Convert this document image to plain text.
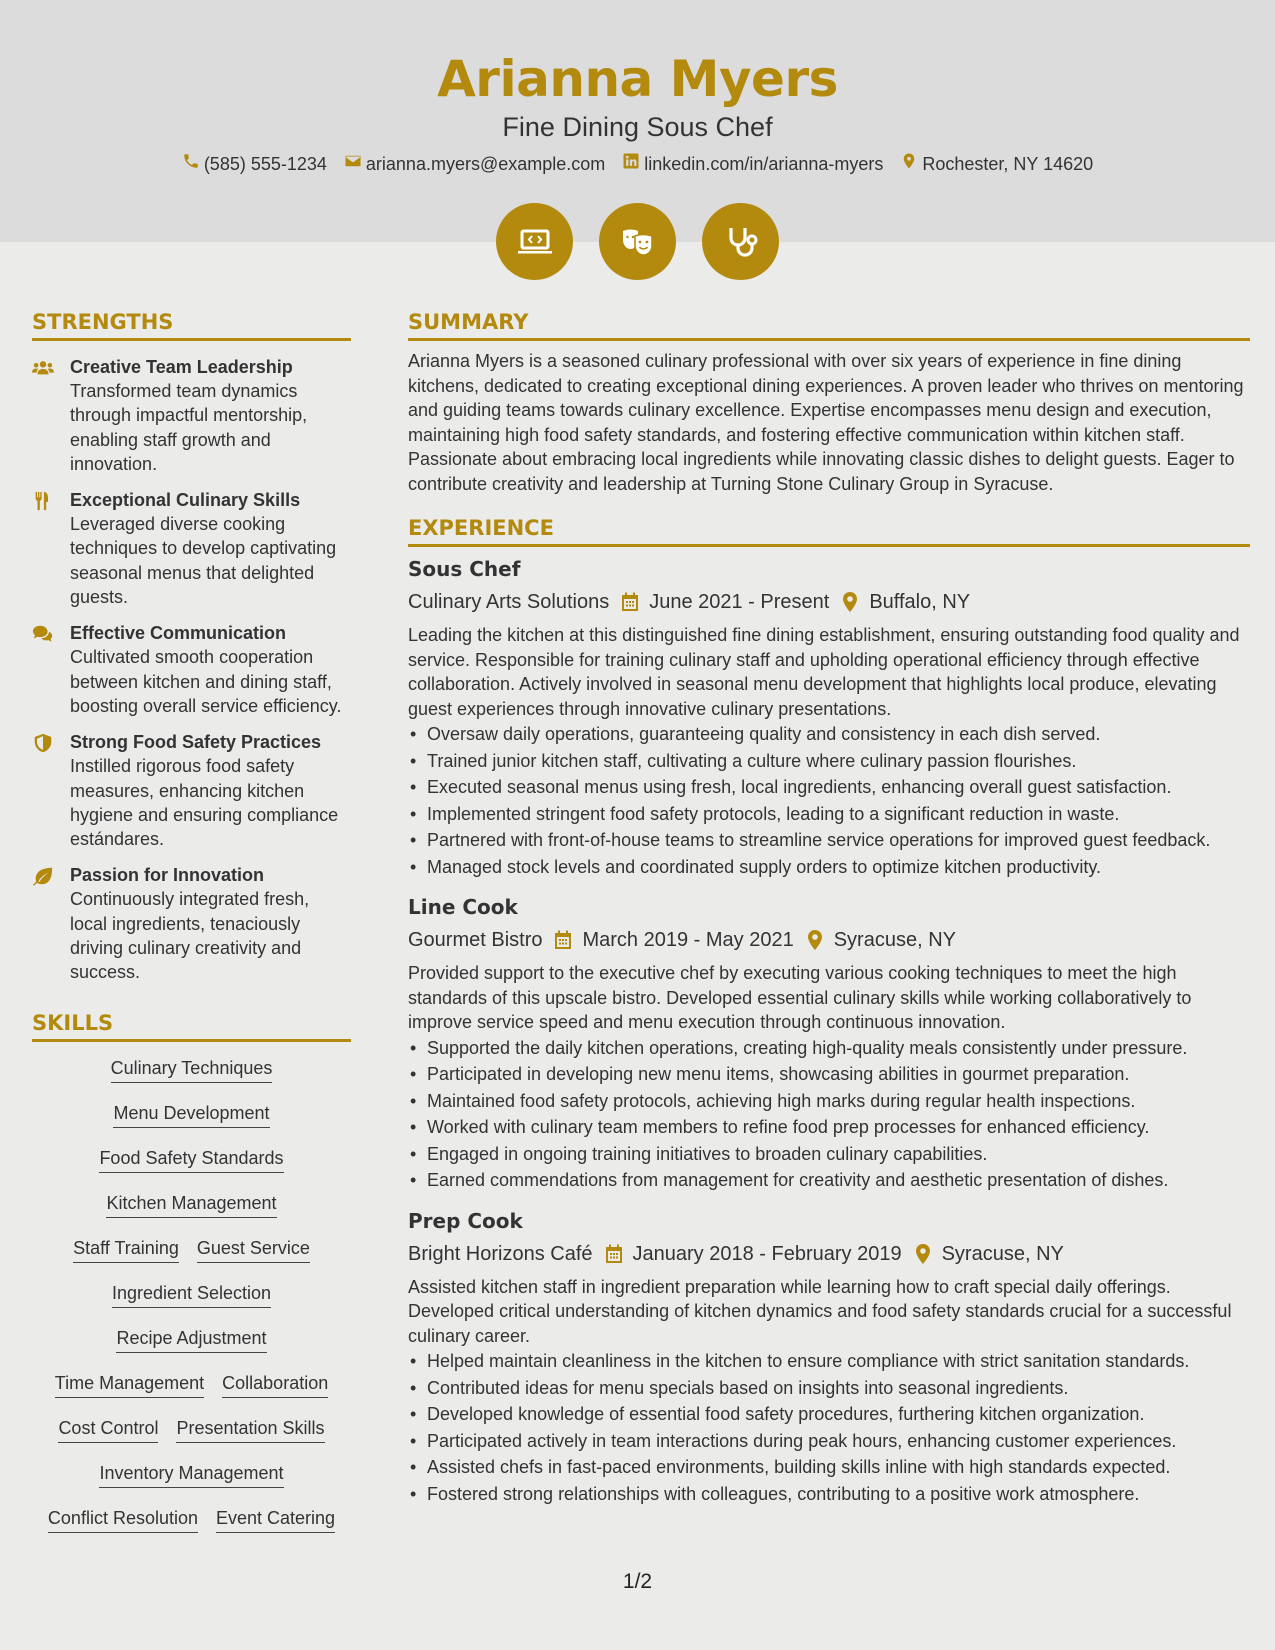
Arianna Myers
Fine Dining Sous Chef
(585) 555-1234 arianna.myers@example.com linkedin.com/in/arianna-myers Rochester, NY 14620
STRENGTHS
Creative Team Leadership
Transformed team dynamics through impactful mentorship, enabling staff growth and innovation.
Exceptional Culinary Skills
Leveraged diverse cooking techniques to develop captivating seasonal menus that delighted guests.
Effective Communication
Cultivated smooth cooperation between kitchen and dining staff, boosting overall service efficiency.
Strong Food Safety Practices
Instilled rigorous food safety measures, enhancing kitchen hygiene and ensuring compliance estándares.
Passion for Innovation
Continuously integrated fresh, local ingredients, tenaciously driving culinary creativity and success.
SKILLS
Culinary Techniques
Menu Development
Food Safety Standards
Kitchen Management
Staff Training Guest Service
Ingredient Selection
Recipe Adjustment
Time Management Collaboration
Cost Control Presentation Skills
Inventory Management
Conflict Resolution Event Catering
SUMMARY
Arianna Myers is a seasoned culinary professional with over six years of experience in fine dining kitchens, dedicated to creating exceptional dining experiences. A proven leader who thrives on mentoring and guiding teams towards culinary excellence. Expertise encompasses menu design and execution, maintaining high food safety standards, and fostering effective communication within kitchen staff. Passionate about embracing local ingredients while innovating classic dishes to delight guests. Eager to contribute creativity and leadership at Turning Stone Culinary Group in Syracuse.
EXPERIENCE
Sous Chef
Culinary Arts Solutions June 2021 - Present Buffalo, NY
Leading the kitchen at this distinguished fine dining establishment, ensuring outstanding food quality and service. Responsible for training culinary staff and upholding operational efficiency through effective collaboration. Actively involved in seasonal menu development that highlights local produce, elevating guest experiences through innovative culinary presentations.
• Oversaw daily operations, guaranteeing quality and consistency in each dish served.
• Trained junior kitchen staff, cultivating a culture where culinary passion flourishes.
• Executed seasonal menus using fresh, local ingredients, enhancing overall guest satisfaction.
• Implemented stringent food safety protocols, leading to a significant reduction in waste.
• Partnered with front-of-house teams to streamline service operations for improved guest feedback.
• Managed stock levels and coordinated supply orders to optimize kitchen productivity.
Line Cook
Gourmet Bistro March 2019 - May 2021 Syracuse, NY
Provided support to the executive chef by executing various cooking techniques to meet the high standards of this upscale bistro. Developed essential culinary skills while working collaboratively to improve service speed and menu execution through continuous innovation.
• Supported the daily kitchen operations, creating high-quality meals consistently under pressure.
• Participated in developing new menu items, showcasing abilities in gourmet preparation.
• Maintained food safety protocols, achieving high marks during regular health inspections.
• Worked with culinary team members to refine food prep processes for enhanced efficiency.
• Engaged in ongoing training initiatives to broaden culinary capabilities.
• Earned commendations from management for creativity and aesthetic presentation of dishes.
Prep Cook
Bright Horizons Café January 2018 - February 2019 Syracuse, NY
Assisted kitchen staff in ingredient preparation while learning how to craft special daily offerings. Developed critical understanding of kitchen dynamics and food safety standards crucial for a successful culinary career.
• Helped maintain cleanliness in the kitchen to ensure compliance with strict sanitation standards.
• Contributed ideas for menu specials based on insights into seasonal ingredients.
• Developed knowledge of essential food safety procedures, furthering kitchen organization.
• Participated actively in team interactions during peak hours, enhancing customer experiences.
• Assisted chefs in fast-paced environments, building skills inline with high standards expected.
• Fostered strong relationships with colleagues, contributing to a positive work atmosphere.
1/2
